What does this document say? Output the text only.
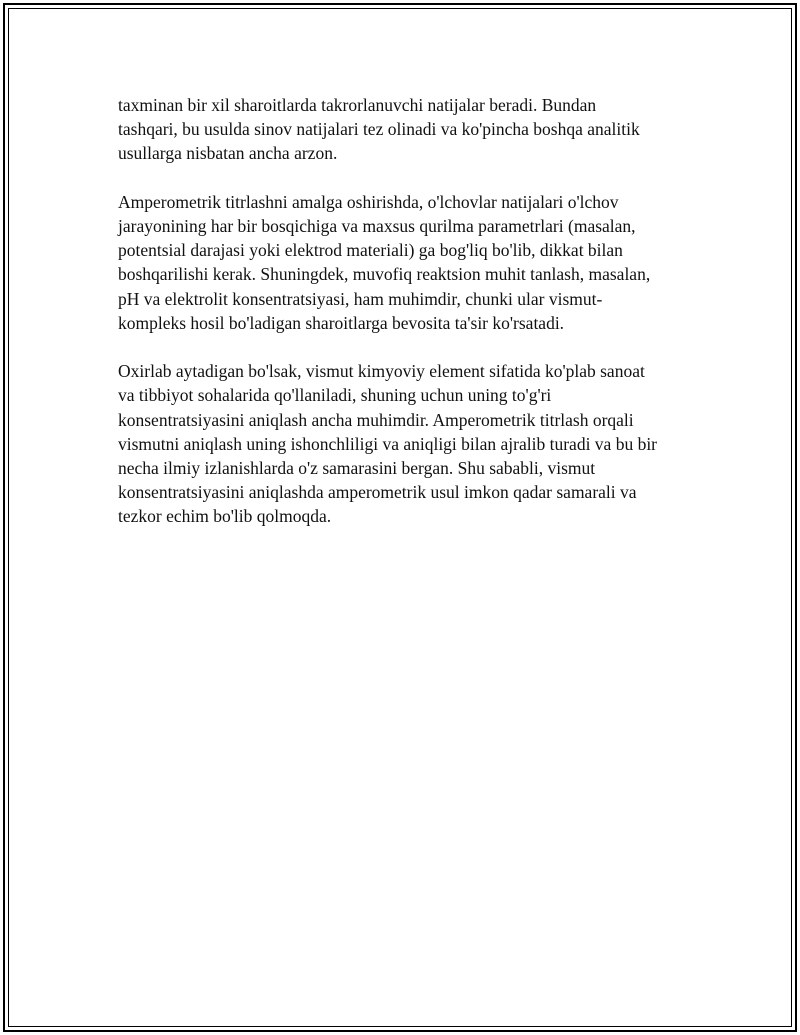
taxminan bir xil sharoitlarda takrorlanuvchi natijalar beradi. Bundan
tashqari, bu usulda sinov natijalari tez olinadi va ko'pincha boshqa analitik
usullarga nisbatan ancha arzon.

Amperometrik titrlashni amalga oshirishda, o'lchovlar natijalari o'lchov
jarayonining har bir bosqichiga va maxsus qurilma parametrlari (masalan,
potentsial darajasi yoki elektrod materiali) ga bog'liq bo'lib, dikkat bilan
boshqarilishi kerak. Shuningdek, muvofiq reaktsion muhit tanlash, masalan,
pH va elektrolit konsentratsiyasi, ham muhimdir, chunki ular vismut-
kompleks hosil bo'ladigan sharoitlarga bevosita ta'sir ko'rsatadi.

Oxirlab aytadigan bo'lsak, vismut kimyoviy element sifatida ko'plab sanoat
va tibbiyot sohalarida qo'llaniladi, shuning uchun uning to'g'ri
konsentratsiyasini aniqlash ancha muhimdir. Amperometrik titrlash orqali
vismutni aniqlash uning ishonchliligi va aniqligi bilan ajralib turadi va bu bir
necha ilmiy izlanishlarda o'z samarasini bergan. Shu sababli, vismut
konsentratsiyasini aniqlashda amperometrik usul imkon qadar samarali va
tezkor echim bo'lib qolmoqda.
